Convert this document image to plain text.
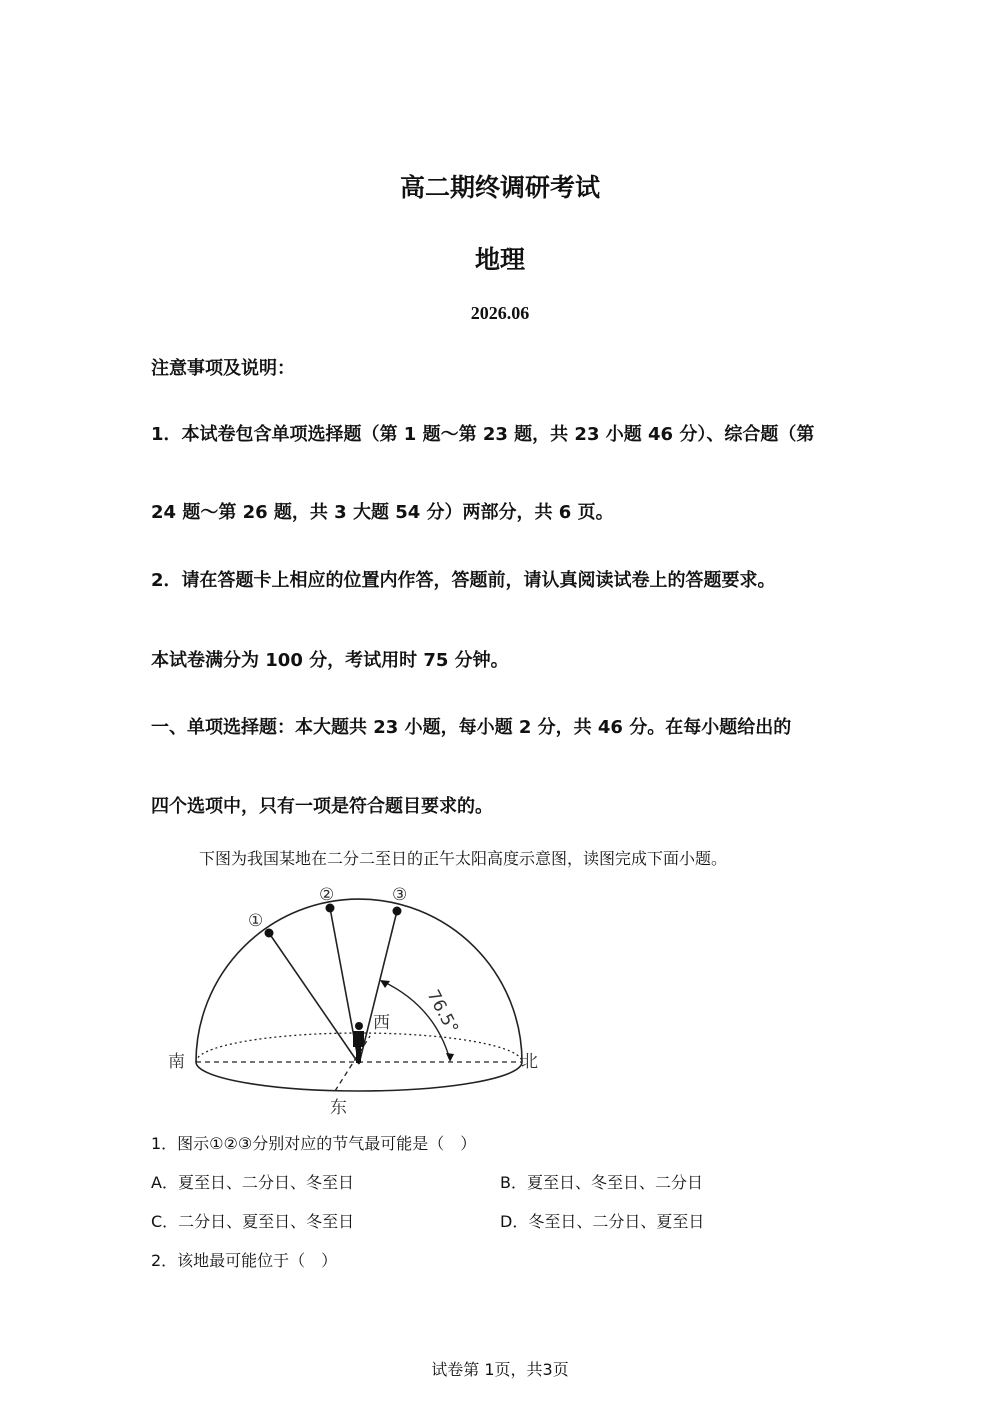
高二期终调研考试
地理
2026.06
注意事项及说明：
1．本试卷包含单项选择题（第 1 题～第 23 题，共 23 小题 46 分）、综合题（第
24 题～第 26 题，共 3 大题 54 分）两部分，共 6 页。
2．请在答题卡上相应的位置内作答，答题前，请认真阅读试卷上的答题要求。
本试卷满分为 100 分，考试用时 75 分钟。
一、单项选择题：本大题共 23 小题，每小题 2 分，共 46 分。在每小题给出的
四个选项中，只有一项是符合题目要求的。
下图为我国某地在二分二至日的正午太阳高度示意图，读图完成下面小题。
南	北
西
东
①
②	③
76.5°
1．图示①②③分别对应的节气最可能是（　）
A．夏至日、二分日、冬至日	B．夏至日、冬至日、二分日
C．二分日、夏至日、冬至日	D．冬至日、二分日、夏至日
2．该地最可能位于（　）
试卷第 1页，共3页
